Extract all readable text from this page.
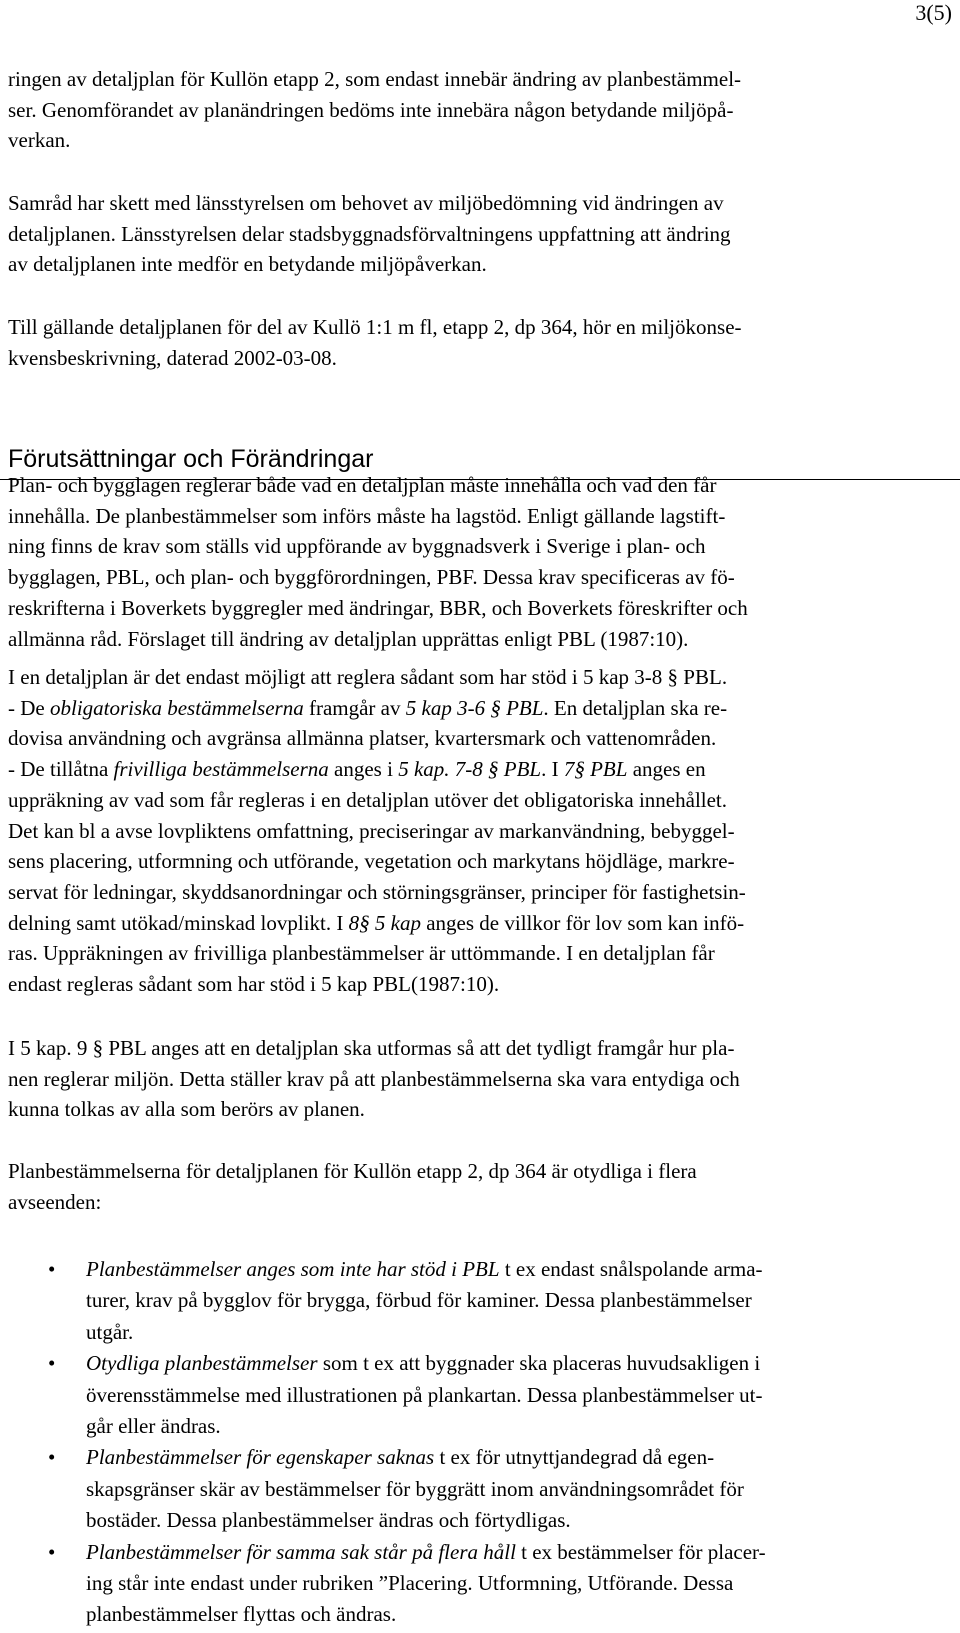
3(5)

ringen av detaljplan för Kullön etapp 2, som endast innebär ändring av planbestämmel-
ser. Genomförandet av planändringen bedöms inte innebära någon betydande miljöpå-
verkan.

Samråd har skett med länsstyrelsen om behovet av miljöbedömning vid ändringen av
detaljplanen. Länsstyrelsen delar stadsbyggnadsförvaltningens uppfattning att ändring
av detaljplanen inte medför en betydande miljöpåverkan.

Till gällande detaljplanen för del av Kullö 1:1 m fl, etapp 2, dp 364, hör en miljökonse-
kvensbeskrivning, daterad 2002-03-08.

Förutsättningar och Förändringar

Plan- och bygglagen reglerar både vad en detaljplan måste innehålla och vad den får
innehålla. De planbestämmelser som införs måste ha lagstöd. Enligt gällande lagstift-
ning finns de krav som ställs vid uppförande av byggnadsverk i Sverige i plan- och
bygglagen, PBL, och plan- och byggförordningen, PBF. Dessa krav specificeras av fö-
reskrifterna i Boverkets byggregler med ändringar, BBR, och Boverkets föreskrifter och
allmänna råd. Förslaget till ändring av detaljplan upprättas enligt PBL (1987:10).

I en detaljplan är det endast möjligt att reglera sådant som har stöd i 5 kap 3-8 § PBL.
- De obligatoriska bestämmelserna framgår av 5 kap 3-6 § PBL. En detaljplan ska re-
dovisa användning och avgränsa allmänna platser, kvartersmark och vattenområden.
- De tillåtna frivilliga bestämmelserna anges i 5 kap. 7-8 § PBL. I 7§ PBL anges en
uppräkning av vad som får regleras i en detaljplan utöver det obligatoriska innehållet.
Det kan bl a avse lovpliktens omfattning, preciseringar av markanvändning, bebyggel-
sens placering, utformning och utförande, vegetation och markytans höjdläge, markre-
servat för ledningar, skyddsanordningar och störningsgränser, principer för fastighetsin-
delning samt utökad/minskad lovplikt. I 8§ 5 kap anges de villkor för lov som kan infö-
ras. Uppräkningen av frivilliga planbestämmelser är uttömmande. I en detaljplan får
endast regleras sådant som har stöd i 5 kap PBL(1987:10).

I 5 kap. 9 § PBL anges att en detaljplan ska utformas så att det tydligt framgår hur pla-
nen reglerar miljön. Detta ställer krav på att planbestämmelserna ska vara entydiga och
kunna tolkas av alla som berörs av planen.

Planbestämmelserna för detaljplanen för Kullön etapp 2, dp 364 är otydliga i flera
avseenden:

• Planbestämmelser anges som inte har stöd i PBL t ex endast snålspolande arma-
turer, krav på bygglov för brygga, förbud för kaminer. Dessa planbestämmelser
utgår.
• Otydliga planbestämmelser som t ex att byggnader ska placeras huvudsakligen i
överensstämmelse med illustrationen på plankartan. Dessa planbestämmelser ut-
går eller ändras.
• Planbestämmelser för egenskaper saknas t ex för utnyttjandegrad då egen-
skapsgränser skär av bestämmelser för byggrätt inom användningsområdet för
bostäder. Dessa planbestämmelser ändras och förtydligas.
• Planbestämmelser för samma sak står på flera håll t ex bestämmelser för placer-
ing står inte endast under rubriken ”Placering. Utformning, Utförande. Dessa
planbestämmelser flyttas och ändras.
